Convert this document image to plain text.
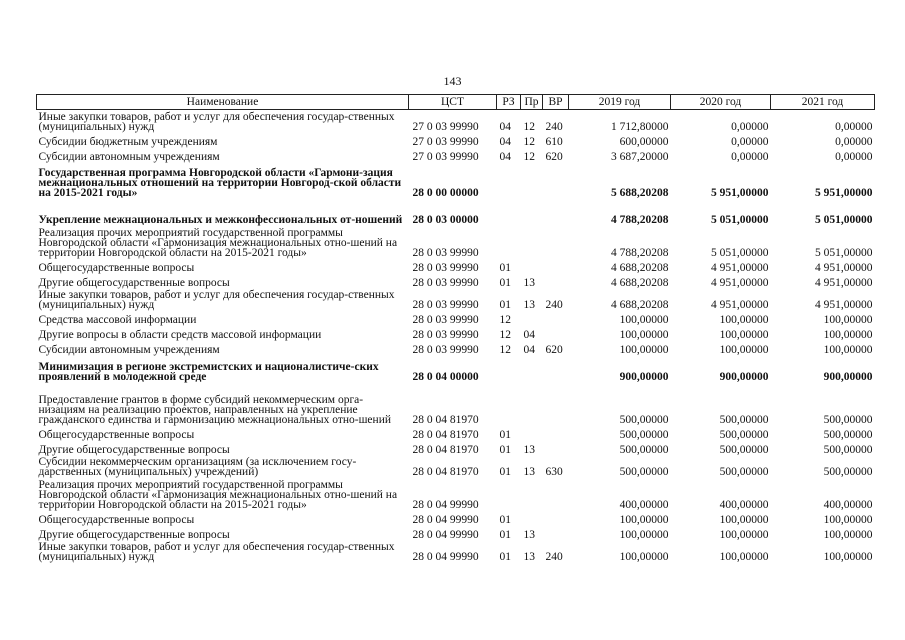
143
Наименование	ЦСТ	РЗ	Пр	ВР	2019 год	2020 год	2021 год
Иные закупки товаров, работ и услуг для обеспечения государ-ственных (муниципальных) нужд	27 0 03 99990	04	12	240	1 712,80000	0,00000	0,00000
Субсидии бюджетным учреждениям	27 0 03 99990	04	12	610	600,00000	0,00000	0,00000
Субсидии автономным учреждениям	27 0 03 99990	04	12	620	3 687,20000	0,00000	0,00000
Государственная программа Новгородской области «Гармони-зация межнациональных отношений на территории Новгород-ской области на 2015-2021 годы»	28 0 00 00000				5 688,20208	5 951,00000	5 951,00000
Укрепление межнациональных и межконфессиональных от-ношений	28 0 03 00000				4 788,20208	5 051,00000	5 051,00000
Реализация прочих мероприятий государственной программы Новгородской области «Гармонизация межнациональных отно-шений на территории Новгородской области на 2015-2021 годы»	28 0 03 99990				4 788,20208	5 051,00000	5 051,00000
Общегосударственные вопросы	28 0 03 99990	01			4 688,20208	4 951,00000	4 951,00000
Другие общегосударственные вопросы	28 0 03 99990	01	13		4 688,20208	4 951,00000	4 951,00000
Иные закупки товаров, работ и услуг для обеспечения государ-ственных (муниципальных) нужд	28 0 03 99990	01	13	240	4 688,20208	4 951,00000	4 951,00000
Средства массовой информации	28 0 03 99990	12			100,00000	100,00000	100,00000
Другие вопросы в области средств массовой информации	28 0 03 99990	12	04		100,00000	100,00000	100,00000
Субсидии автономным учреждениям	28 0 03 99990	12	04	620	100,00000	100,00000	100,00000
Минимизация в регионе экстремистских и националистиче-ских проявлений в молодежной среде	28 0 04 00000				900,00000	900,00000	900,00000
Предоставление грантов в форме субсидий некоммерческим орга-низациям на реализацию проектов, направленных на укрепление гражданского единства и гармонизацию межнациональных отно-шений	28 0 04 81970				500,00000	500,00000	500,00000
Общегосударственные вопросы	28 0 04 81970	01			500,00000	500,00000	500,00000
Другие общегосударственные вопросы	28 0 04 81970	01	13		500,00000	500,00000	500,00000
Субсидии некоммерческим организациям (за исключением госу-дарственных (муниципальных) учреждений)	28 0 04 81970	01	13	630	500,00000	500,00000	500,00000
Реализация прочих мероприятий государственной программы Новгородской области «Гармонизация межнациональных отно-шений на территории Новгородской области на 2015-2021 годы»	28 0 04 99990				400,00000	400,00000	400,00000
Общегосударственные вопросы	28 0 04 99990	01			100,00000	100,00000	100,00000
Другие общегосударственные вопросы	28 0 04 99990	01	13		100,00000	100,00000	100,00000
Иные закупки товаров, работ и услуг для обеспечения государ-ственных (муниципальных) нужд	28 0 04 99990	01	13	240	100,00000	100,00000	100,00000
